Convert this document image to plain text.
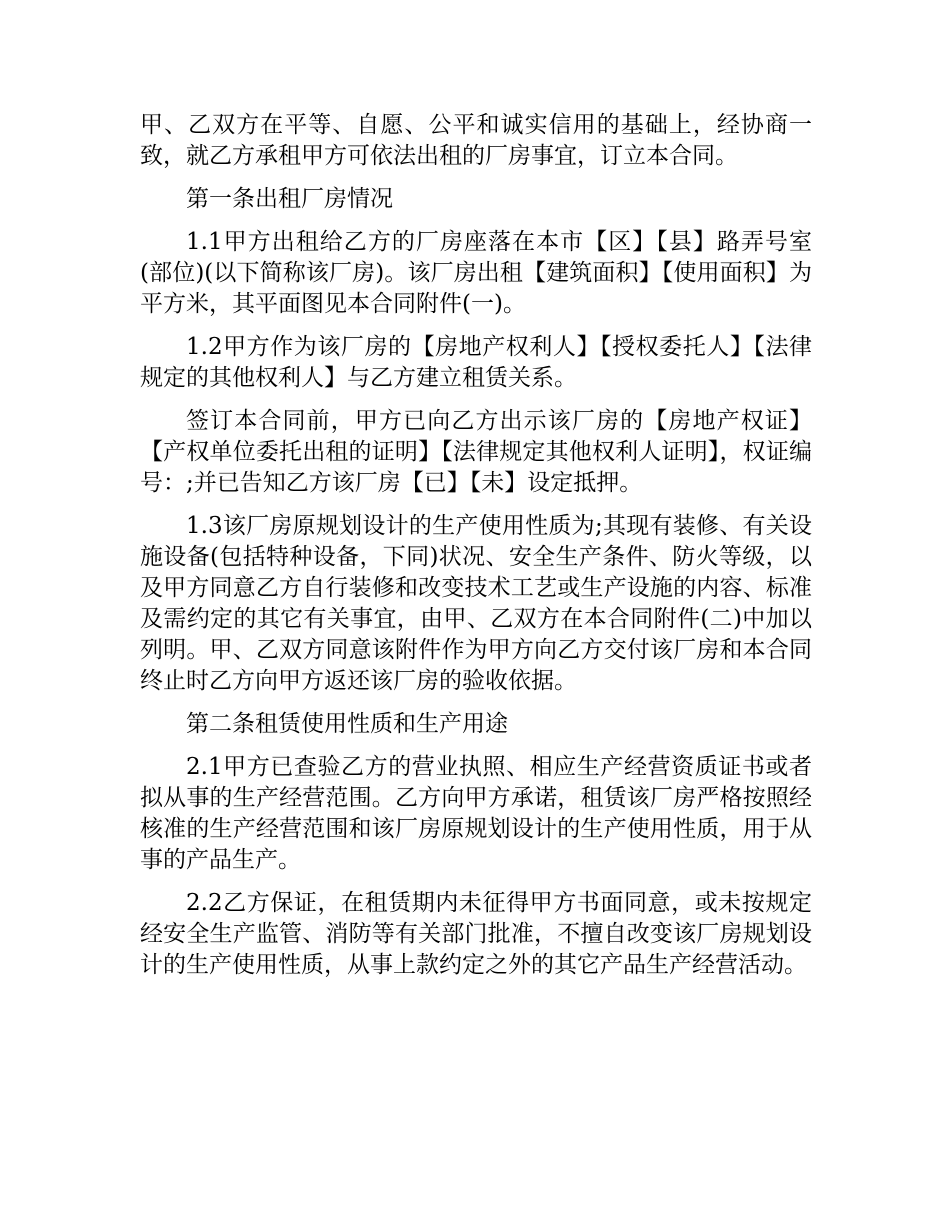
甲、乙双方在平等、自愿、公平和诚实信用的基础上，经协商一致，就乙方承租甲方可依法出租的厂房事宜，订立本合同。

第一条出租厂房情况

1.1甲方出租给乙方的厂房座落在本市【区】【县】路弄号室(部位)(以下简称该厂房)。该厂房出租【建筑面积】【使用面积】为平方米，其平面图见本合同附件(一)。

1.2甲方作为该厂房的【房地产权利人】【授权委托人】【法律规定的其他权利人】与乙方建立租赁关系。

签订本合同前，甲方已向乙方出示该厂房的【房地产权证】【产权单位委托出租的证明】【法律规定其他权利人证明】，权证编号：;并已告知乙方该厂房【已】【未】设定抵押。

1.3该厂房原规划设计的生产使用性质为;其现有装修、有关设施设备(包括特种设备，下同)状况、安全生产条件、防火等级，以及甲方同意乙方自行装修和改变技术工艺或生产设施的内容、标准及需约定的其它有关事宜，由甲、乙双方在本合同附件(二)中加以列明。甲、乙双方同意该附件作为甲方向乙方交付该厂房和本合同终止时乙方向甲方返还该厂房的验收依据。

第二条租赁使用性质和生产用途

2.1甲方已查验乙方的营业执照、相应生产经营资质证书或者拟从事的生产经营范围。乙方向甲方承诺，租赁该厂房严格按照经核准的生产经营范围和该厂房原规划设计的生产使用性质，用于从事的产品生产。

2.2乙方保证，在租赁期内未征得甲方书面同意，或未按规定经安全生产监管、消防等有关部门批准，不擅自改变该厂房规划设计的生产使用性质，从事上款约定之外的其它产品生产经营活动。
